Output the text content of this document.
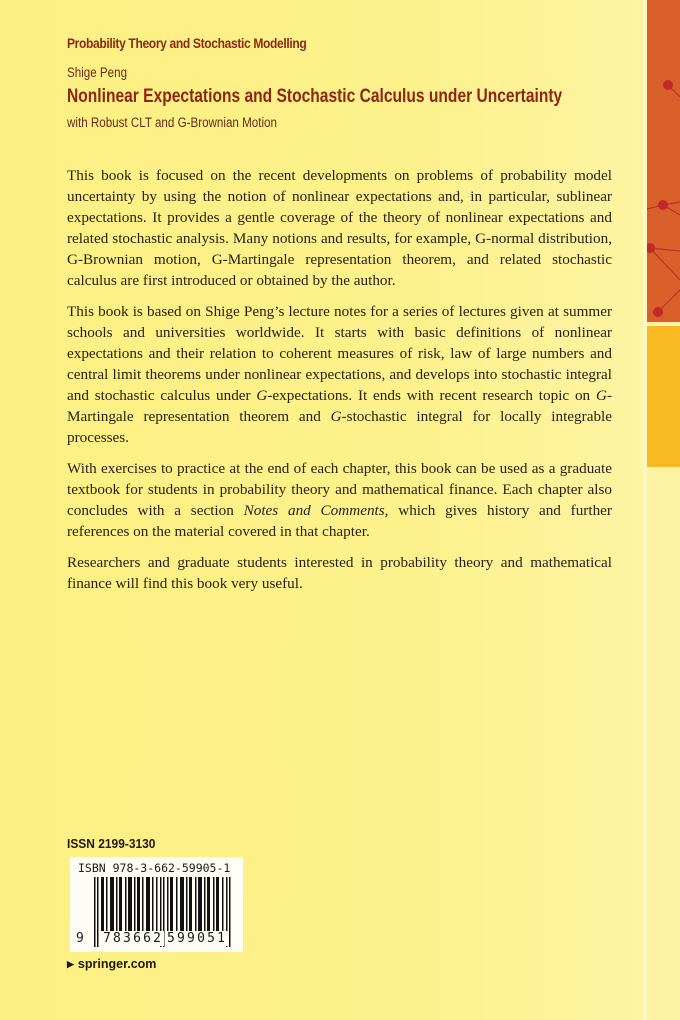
Probability Theory and Stochastic Modelling
Shige Peng
Nonlinear Expectations and Stochastic Calculus under Uncertainty
with Robust CLT and G-Brownian Motion

This book is focused on the recent developments on problems of probability model uncertainty by using the notion of nonlinear expectations and, in particular, sublinear expectations. It provides a gentle coverage of the theory of nonlinear expectations and related stochastic analysis. Many notions and results, for example, G-normal distribution, G-Brownian motion, G-Martingale representation theorem, and related stochastic calculus are first introduced or obtained by the author.

This book is based on Shige Peng’s lecture notes for a series of lectures given at summer schools and universities worldwide. It starts with basic definitions of nonlinear expectations and their relation to coherent measures of risk, law of large numbers and central limit theorems under nonlinear expectations, and develops into stochastic integral and stochastic calculus under G-expectations. It ends with recent research topic on G-Martingale representation theorem and G-stochastic integral for locally integrable processes.

With exercises to practice at the end of each chapter, this book can be used as a graduate textbook for students in probability theory and mathematical finance. Each chapter also concludes with a section Notes and Comments, which gives history and further references on the material covered in that chapter.

Researchers and graduate students interested in probability theory and mathematical finance will find this book very useful.

ISSN 2199-3130
ISBN 978-3-662-59905-1
9 783662 599051
▶ springer.com
